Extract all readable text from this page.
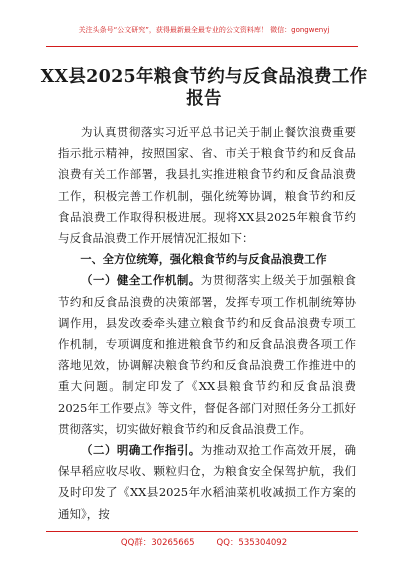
关注头条号“公文研究”，获得最新最全最专业的公文资料库！ 微信：gongwenyj
XX县2025年粮食节约与反食品浪费工作
报告

为认真贯彻落实习近平总书记关于制止餐饮浪费重要指示批示精神，按照国家、省、市关于粮食节约和反食品浪费有关工作部署，我县扎实推进粮食节约和反食品浪费工作，积极完善工作机制，强化统筹协调，粮食节约和反食品浪费工作取得积极进展。现将XX县2025年粮食节约与反食品浪费工作开展情况汇报如下：

一、全方位统筹，强化粮食节约与反食品浪费工作

（一）健全工作机制。为贯彻落实上级关于加强粮食节约和反食品浪费的决策部署，发挥专项工作机制统筹协调作用，县发改委牵头建立粮食节约和反食品浪费专项工作机制，专项调度和推进粮食节约和反食品浪费各项工作落地见效，协调解决粮食节约和反食品浪费工作推进中的重大问题。制定印发了《XX县粮食节约和反食品浪费2025年工作要点》等文件，督促各部门对照任务分工抓好贯彻落实，切实做好粮食节约和反食品浪费工作。

（二）明确工作指引。为推动双抢工作高效开展，确保早稻应收尽收、颗粒归仓，为粮食安全保驾护航，我们及时印发了《XX县2025年水稻油菜机收减损工作方案的通知》，按

QQ群：30265665	QQ：535304092
